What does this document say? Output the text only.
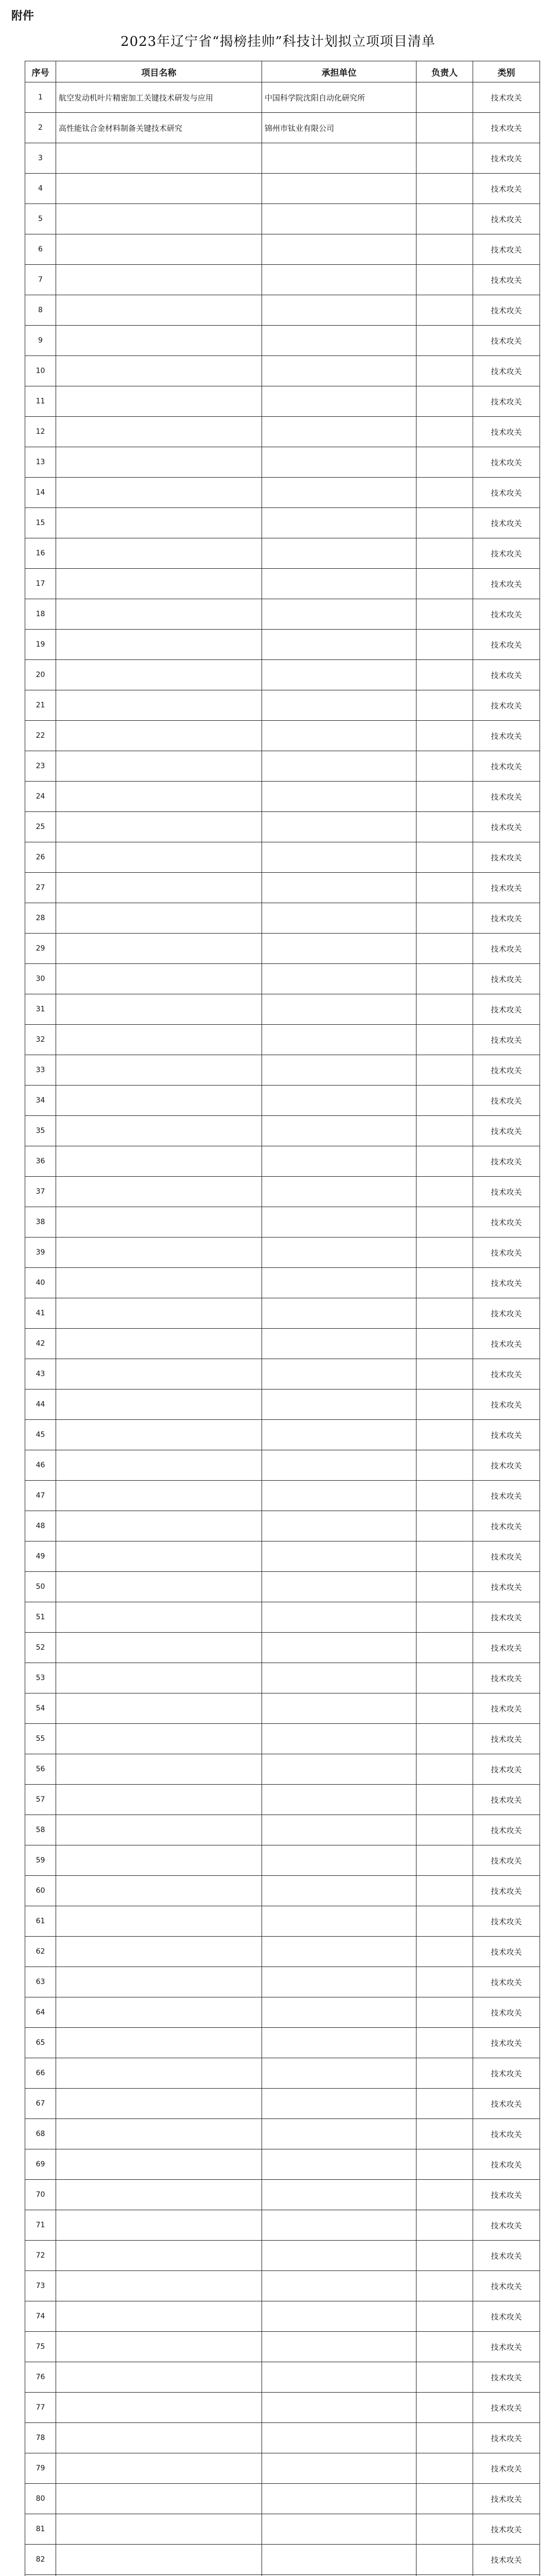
附件
2023年辽宁省“揭榜挂帅”科技计划拟立项项目清单
序号	项目名称	承担单位	负责人	类别
1	航空发动机叶片精密加工关键技术研发与应用	中国科学院沈阳自动化研究所		技术攻关
2	高性能钛合金材料制备关键技术研究	锦州市钛业有限公司		技术攻关
3				技术攻关
4				技术攻关
5				技术攻关
6				技术攻关
7				技术攻关
8				技术攻关
9				技术攻关
10				技术攻关
11				技术攻关
12				技术攻关
13				技术攻关
14				技术攻关
15				技术攻关
16				技术攻关
17				技术攻关
18				技术攻关
19				技术攻关
20				技术攻关
21				技术攻关
22				技术攻关
23				技术攻关
24				技术攻关
25				技术攻关
26				技术攻关
27				技术攻关
28				技术攻关
29				技术攻关
30				技术攻关
31				技术攻关
32				技术攻关
33				技术攻关
34				技术攻关
35				技术攻关
36				技术攻关
37				技术攻关
38				技术攻关
39				技术攻关
40				技术攻关
41				技术攻关
42				技术攻关
43				技术攻关
44				技术攻关
45				技术攻关
46				技术攻关
47				技术攻关
48				技术攻关
49				技术攻关
50				技术攻关
51				技术攻关
52				技术攻关
53				技术攻关
54				技术攻关
55				技术攻关
56				技术攻关
57				技术攻关
58				技术攻关
59				技术攻关
60				技术攻关
61				技术攻关
62				技术攻关
63				技术攻关
64				技术攻关
65				技术攻关
66				技术攻关
67				技术攻关
68				技术攻关
69				技术攻关
70				技术攻关
71				技术攻关
72				技术攻关
73				技术攻关
74				技术攻关
75				技术攻关
76				技术攻关
77				技术攻关
78				技术攻关
79				技术攻关
80				技术攻关
81				技术攻关
82				技术攻关
